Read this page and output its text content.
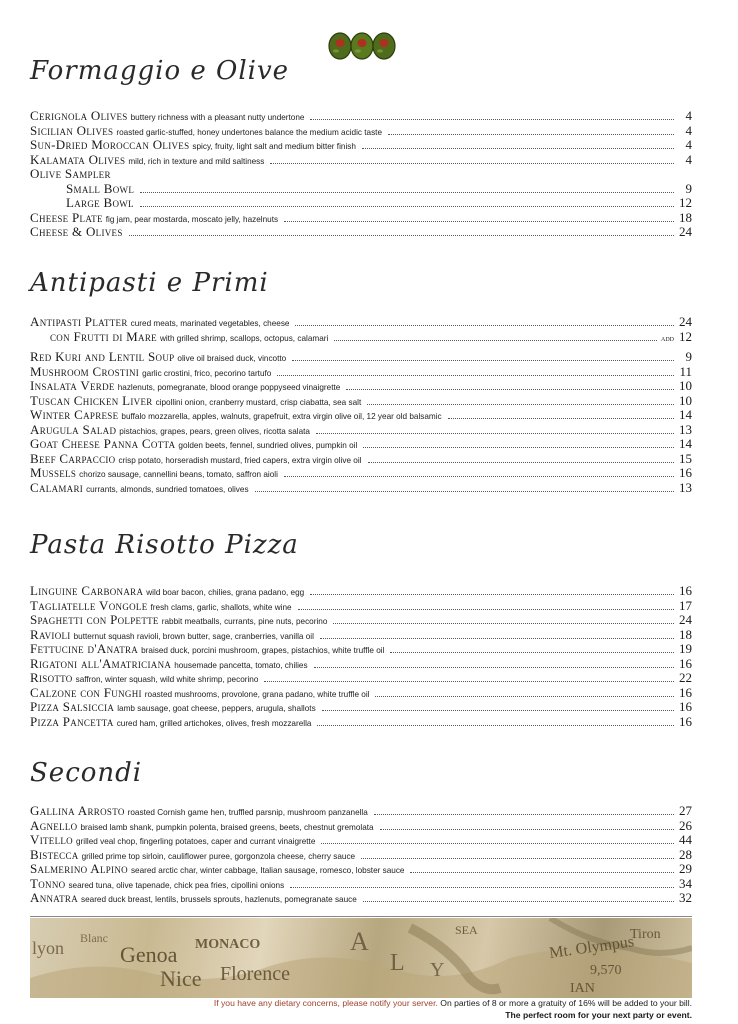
Formaggio e Olive
Cerignola Olives buttery richness with a pleasant nutty undertone	4
Sicilian Olives roasted garlic-stuffed, honey undertones balance the medium acidic taste	4
Sun-Dried Moroccan Olives spicy, fruity, light salt and medium bitter finish	4
Kalamata Olives mild, rich in texture and mild saltiness	4
Olive Sampler
Small Bowl	9
Large Bowl	12
Cheese Plate fig jam, pear mostarda, moscato jelly, hazelnuts	18
Cheese & Olives	24
Antipasti e Primi
Antipasti Platter cured meats, marinated vegetables, cheese	24
con Frutti di Mare with grilled shrimp, scallops, octopus, calamari	add 12
Red Kuri and Lentil Soup olive oil braised duck, vincotto	9
Mushroom Crostini garlic crostini, frico, pecorino tartufo	11
Insalata Verde hazlenuts, pomegranate, blood orange poppyseed vinaigrette	10
Tuscan Chicken Liver cipollini onion, cranberry mustard, crisp ciabatta, sea salt	10
Winter Caprese buffalo mozzarella, apples, walnuts, grapefruit, extra virgin olive oil, 12 year old balsamic	14
Arugula Salad pistachios, grapes, pears, green olives, ricotta salata	13
Goat Cheese Panna Cotta golden beets, fennel, sundried olives, pumpkin oil	14
Beef Carpaccio crisp potato, horseradish mustard, fried capers, extra virgin olive oil	15
Mussels chorizo sausage, cannellini beans, tomato, saffron aioli	16
Calamari currants, almonds, sundried tomatoes, olives	13
Pasta Risotto Pizza
Linguine Carbonara wild boar bacon, chilies, grana padano, egg	16
Tagliatelle Vongole fresh clams, garlic, shallots, white wine	17
Spaghetti con Polpette rabbit meatballs, currants, pine nuts, pecorino	24
Ravioli butternut squash ravioli, brown butter, sage, cranberries, vanilla oil	18
Fettucine d'Anatra braised duck, porcini mushroom, grapes, pistachios, white truffle oil	19
Rigatoni all'Amatriciana housemade pancetta, tomato, chilies	16
Risotto saffron, winter squash, wild white shrimp, pecorino	22
Calzone con Funghi roasted mushrooms, provolone, grana padano, white truffle oil	16
Pizza Salsiccia lamb sausage, goat cheese, peppers, arugula, shallots	16
Pizza Pancetta cured ham, grilled artichokes, olives, fresh mozzarella	16
Secondi
Gallina Arrosto roasted Cornish game hen, truffled parsnip, mushroom panzanella	27
Agnello braised lamb shank, pumpkin polenta, braised greens, beets, chestnut gremolata	26
Vitello grilled veal chop, fingerling potatoes, caper and currant vinaigrette	44
Bistecca grilled prime top sirloin, cauliflower puree, gorgonzola cheese, cherry sauce	28
Salmerino Alpino seared arctic char, winter cabbage, Italian sausage, romesco, lobster sauce	29
Tonno seared tuna, olive tapenade, chick pea fries, cipollini onions	34
Annatra seared duck breast, lentils, brussels sprouts, hazlenuts, pomegranate sauce	32
lyon Blanc
Genoa MONACO
Nice Florence
A
L Y
SEA	Tiron
Mt. Olympus
9,570
IAN
If you have any dietary concerns, please notify your server. On parties of 8 or more a gratuity of 16% will be added to your bill.
The perfect room for your next party or event.
